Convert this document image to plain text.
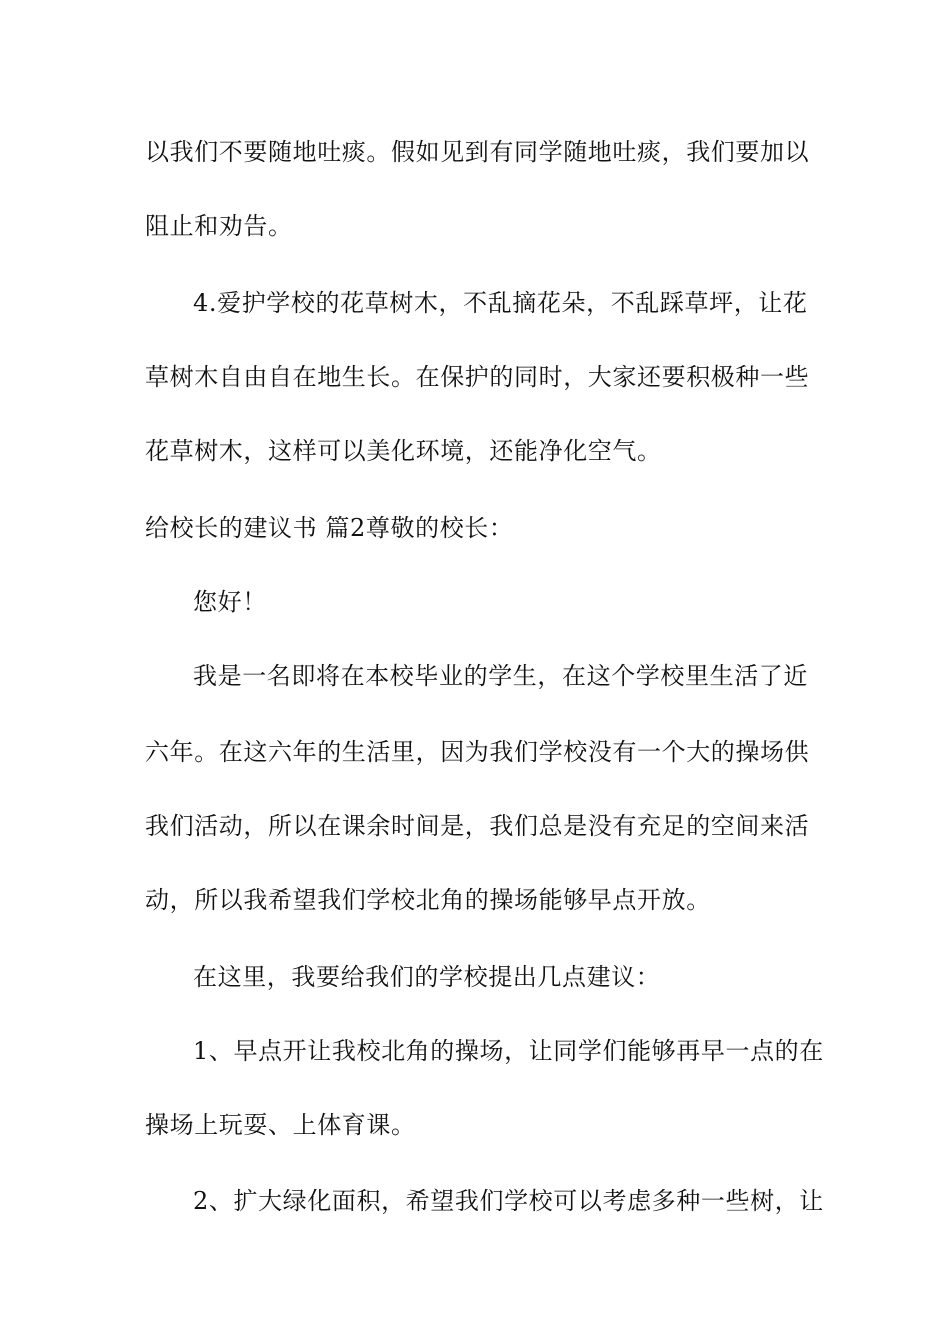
以我们不要随地吐痰。假如见到有同学随地吐痰，我们要加以
阻止和劝告。
4.爱护学校的花草树木，不乱摘花朵，不乱踩草坪，让花
草树木自由自在地生长。在保护的同时，大家还要积极种一些
花草树木，这样可以美化环境，还能净化空气。
给校长的建议书 篇2尊敬的校长：
您好！
我是一名即将在本校毕业的学生，在这个学校里生活了近
六年。在这六年的生活里，因为我们学校没有一个大的操场供
我们活动，所以在课余时间是，我们总是没有充足的空间来活
动，所以我希望我们学校北角的操场能够早点开放。
在这里，我要给我们的学校提出几点建议：
1、早点开让我校北角的操场，让同学们能够再早一点的在
操场上玩耍、上体育课。
2、扩大绿化面积，希望我们学校可以考虑多种一些树，让
